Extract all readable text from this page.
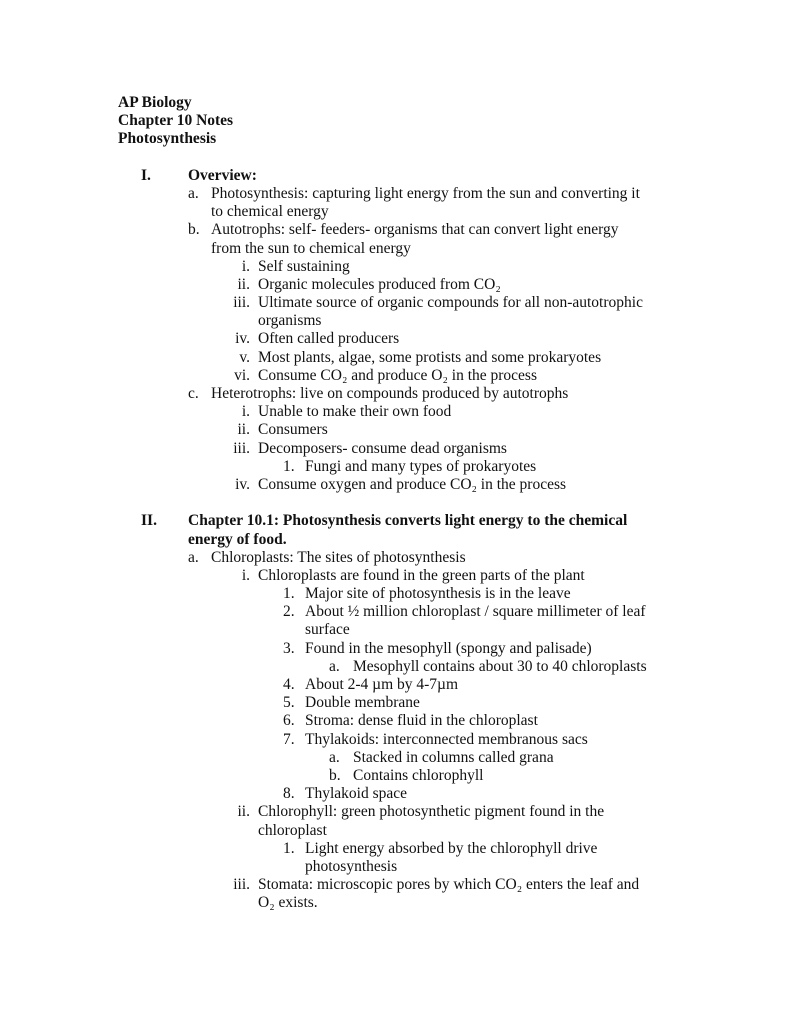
AP Biology
Chapter 10 Notes
Photosynthesis
I. Overview:
a. Photosynthesis: capturing light energy from the sun and converting it
to chemical energy
b. Autotrophs: self- feeders- organisms that can convert light energy
from the sun to chemical energy
i. Self sustaining
ii. Organic molecules produced from CO₂
iii. Ultimate source of organic compounds for all non-autotrophic
organisms
iv. Often called producers
v. Most plants, algae, some protists and some prokaryotes
vi. Consume CO₂ and produce O₂ in the process
c. Heterotrophs: live on compounds produced by autotrophs
i. Unable to make their own food
ii. Consumers
iii. Decomposers- consume dead organisms
1. Fungi and many types of prokaryotes
iv. Consume oxygen and produce CO₂ in the process
II. Chapter 10.1: Photosynthesis converts light energy to the chemical
energy of food.
a. Chloroplasts: The sites of photosynthesis
i. Chloroplasts are found in the green parts of the plant
1. Major site of photosynthesis is in the leave
2. About ½ million chloroplast / square millimeter of leaf
surface
3. Found in the mesophyll (spongy and palisade)
a. Mesophyll contains about 30 to 40 chloroplasts
4. About 2-4 µm by 4-7µm
5. Double membrane
6. Stroma: dense fluid in the chloroplast
7. Thylakoids: interconnected membranous sacs
a. Stacked in columns called grana
b. Contains chlorophyll
8. Thylakoid space
ii. Chlorophyll: green photosynthetic pigment found in the
chloroplast
1. Light energy absorbed by the chlorophyll drive
photosynthesis
iii. Stomata: microscopic pores by which CO₂ enters the leaf and
O₂ exists.
